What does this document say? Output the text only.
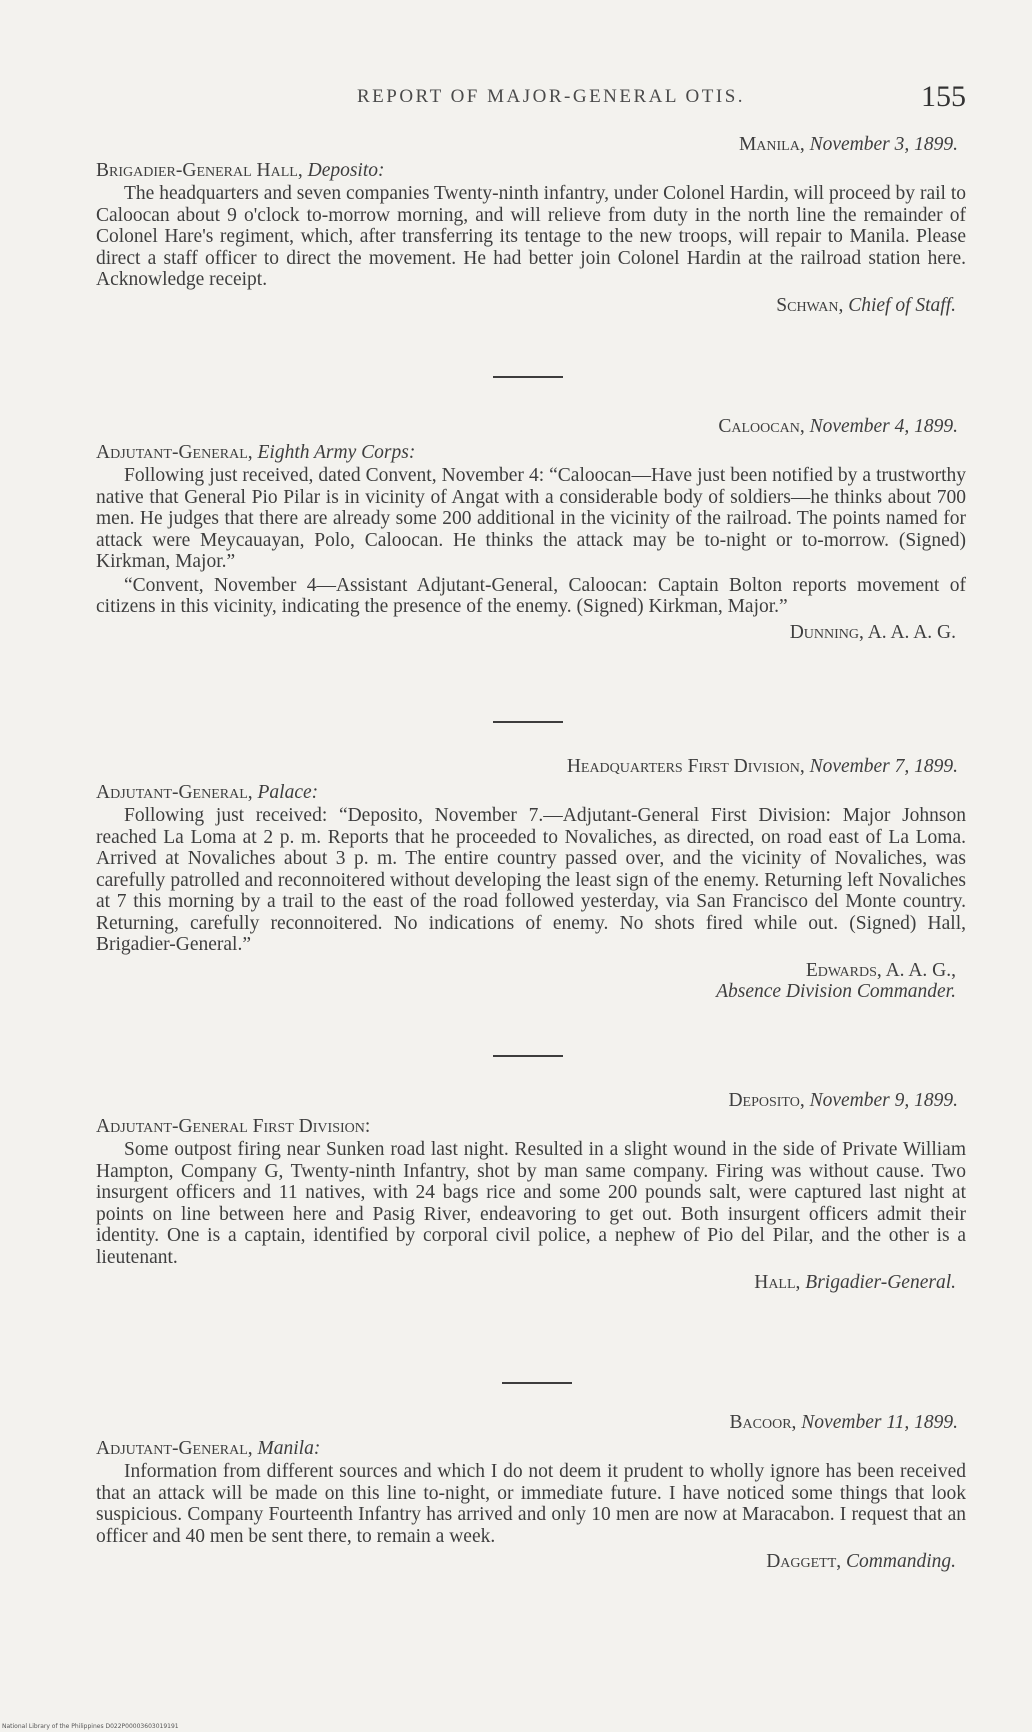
REPORT OF MAJOR-GENERAL OTIS.	155
Manila, November 3, 1899.
Brigadier-General Hall, Deposito:

The headquarters and seven companies Twenty-ninth infantry, under Colonel Hardin, will proceed by rail to Caloocan about 9 o'clock to-morrow morning, and will relieve from duty in the north line the remainder of Colonel Hare's regiment, which, after transferring its tentage to the new troops, will repair to Manila. Please direct a staff officer to direct the movement. He had better join Colonel Hardin at the railroad station here. Acknowledge receipt.

Schwan, Chief of Staff.
Caloocan, November 4, 1899.
Adjutant-General, Eighth Army Corps:

Following just received, dated Convent, November 4: “Caloocan—Have just been notified by a trustworthy native that General Pio Pilar is in vicinity of Angat with a considerable body of soldiers—he thinks about 700 men. He judges that there are already some 200 additional in the vicinity of the railroad. The points named for attack were Meycauayan, Polo, Caloocan. He thinks the attack may be to-night or to-morrow. (Signed) Kirkman, Major.”

“Convent, November 4—Assistant Adjutant-General, Caloocan: Captain Bolton reports movement of citizens in this vicinity, indicating the presence of the enemy. (Signed) Kirkman, Major.”

Dunning, A. A. A. G.
Headquarters First Division, November 7, 1899.
Adjutant-General, Palace:

Following just received: “Deposito, November 7.—Adjutant-General First Division: Major Johnson reached La Loma at 2 p. m. Reports that he proceeded to Novaliches, as directed, on road east of La Loma. Arrived at Novaliches about 3 p. m. The entire country passed over, and the vicinity of Novaliches, was carefully patrolled and reconnoitered without developing the least sign of the enemy. Returning left Novaliches at 7 this morning by a trail to the east of the road followed yesterday, via San Francisco del Monte country. Returning, carefully reconnoitered. No indications of enemy. No shots fired while out. (Signed) Hall, Brigadier-General.”

Edwards, A. A. G.,
Absence Division Commander.
Deposito, November 9, 1899.
Adjutant-General First Division:

Some outpost firing near Sunken road last night. Resulted in a slight wound in the side of Private William Hampton, Company G, Twenty-ninth Infantry, shot by man same company. Firing was without cause. Two insurgent officers and 11 natives, with 24 bags rice and some 200 pounds salt, were captured last night at points on line between here and Pasig River, endeavoring to get out. Both insurgent officers admit their identity. One is a captain, identified by corporal civil police, a nephew of Pio del Pilar, and the other is a lieutenant.

Hall, Brigadier-General.
Bacoor, November 11, 1899.
Adjutant-General, Manila:

Information from different sources and which I do not deem it prudent to wholly ignore has been received that an attack will be made on this line to-night, or immediate future. I have noticed some things that look suspicious. Company Fourteenth Infantry has arrived and only 10 men are now at Maracabon. I request that an officer and 40 men be sent there, to remain a week.

Daggett, Commanding.
National Library of the Philippines D022P00003603019191
